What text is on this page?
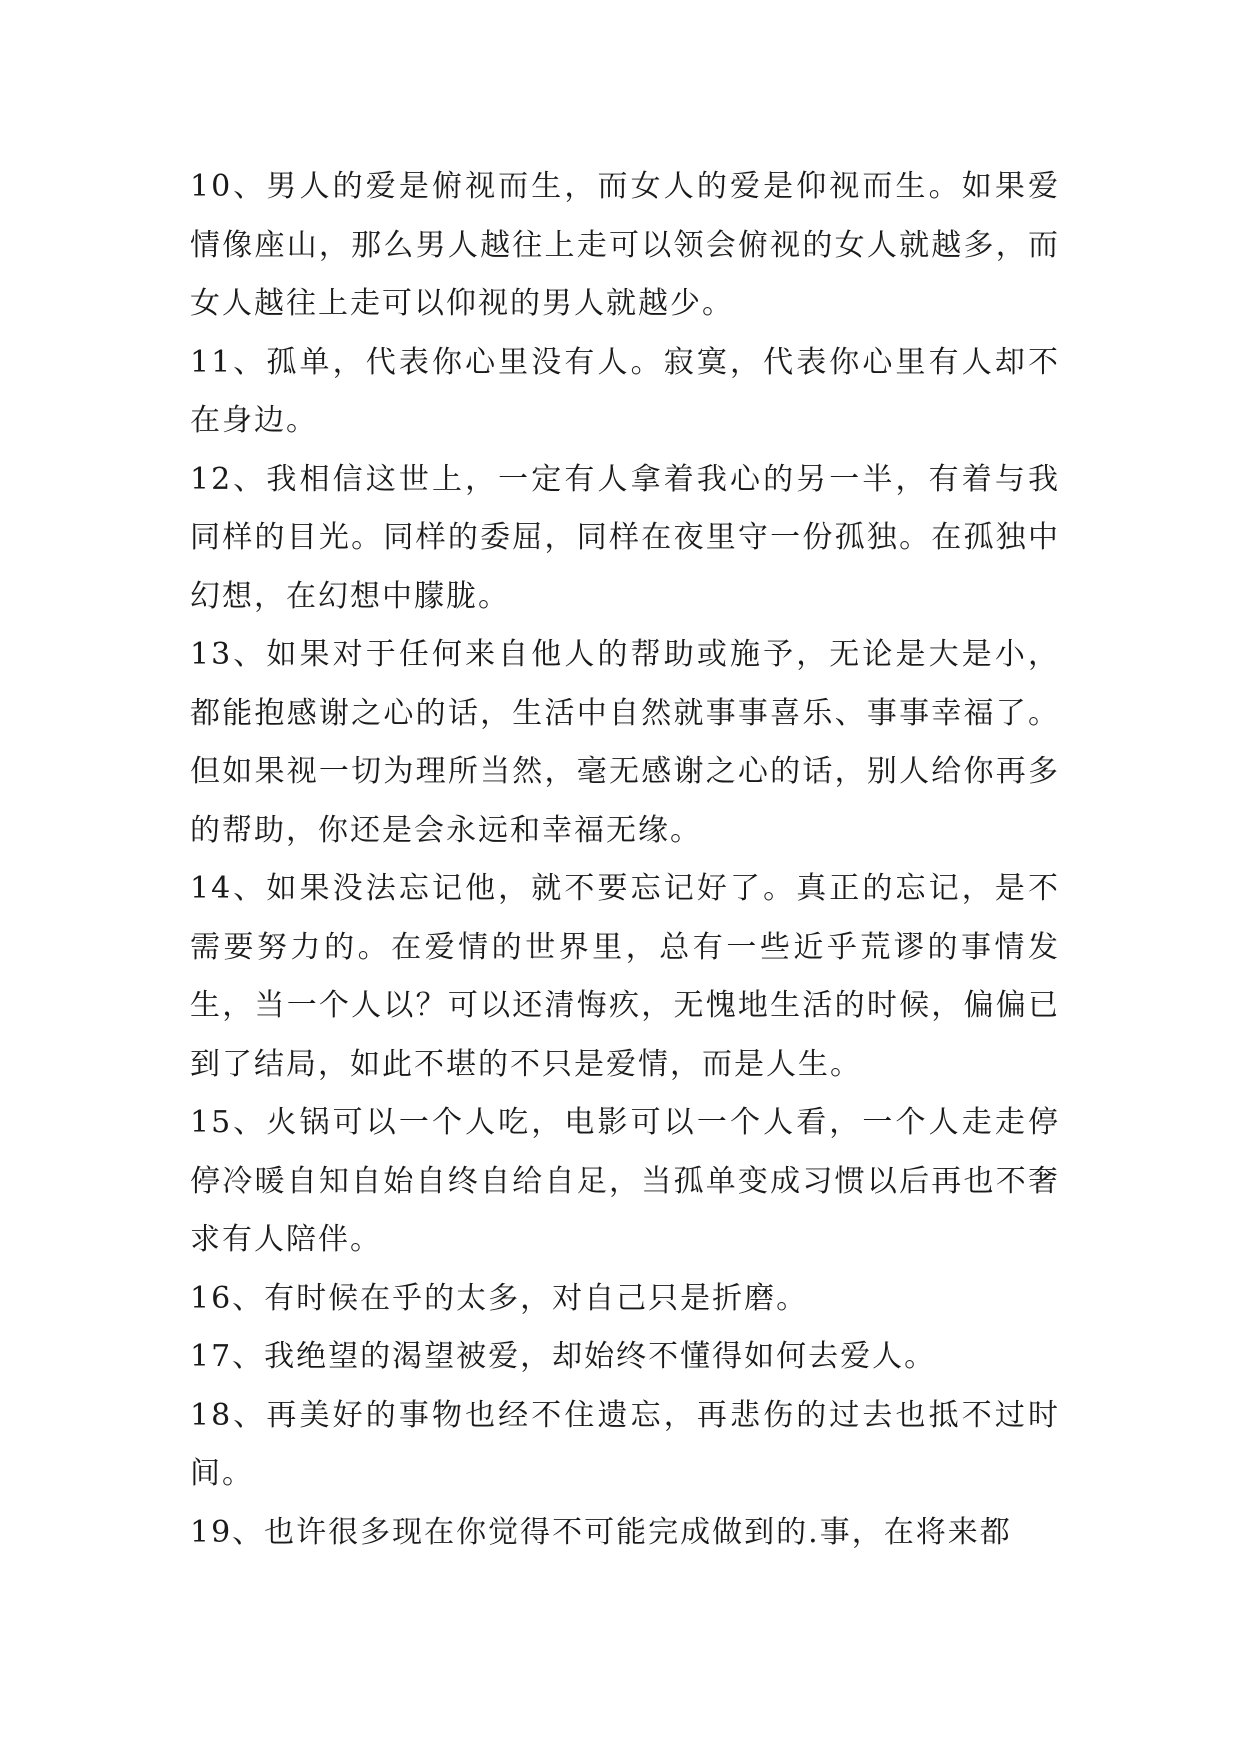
10、男人的爱是俯视而生，而女人的爱是仰视而生。如果爱情像座山，那么男人越往上走可以领会俯视的女人就越多，而女人越往上走可以仰视的男人就越少。

11、孤单，代表你心里没有人。寂寞，代表你心里有人却不在身边。

12、我相信这世上，一定有人拿着我心的另一半，有着与我同样的目光。同样的委屈，同样在夜里守一份孤独。在孤独中幻想，在幻想中朦胧。

13、如果对于任何来自他人的帮助或施予，无论是大是小，都能抱感谢之心的话，生活中自然就事事喜乐、事事幸福了。但如果视一切为理所当然，毫无感谢之心的话，别人给你再多的帮助，你还是会永远和幸福无缘。

14、如果没法忘记他，就不要忘记好了。真正的忘记，是不需要努力的。在爱情的世界里，总有一些近乎荒谬的事情发生，当一个人以？可以还清悔疚，无愧地生活的时候，偏偏已到了结局，如此不堪的不只是爱情，而是人生。

15、火锅可以一个人吃，电影可以一个人看，一个人走走停停冷暖自知自始自终自给自足，当孤单变成习惯以后再也不奢求有人陪伴。

16、有时候在乎的太多，对自己只是折磨。

17、我绝望的渴望被爱，却始终不懂得如何去爱人。

18、再美好的事物也经不住遗忘，再悲伤的过去也抵不过时间。

19、也许很多现在你觉得不可能完成做到的.事，在将来都
